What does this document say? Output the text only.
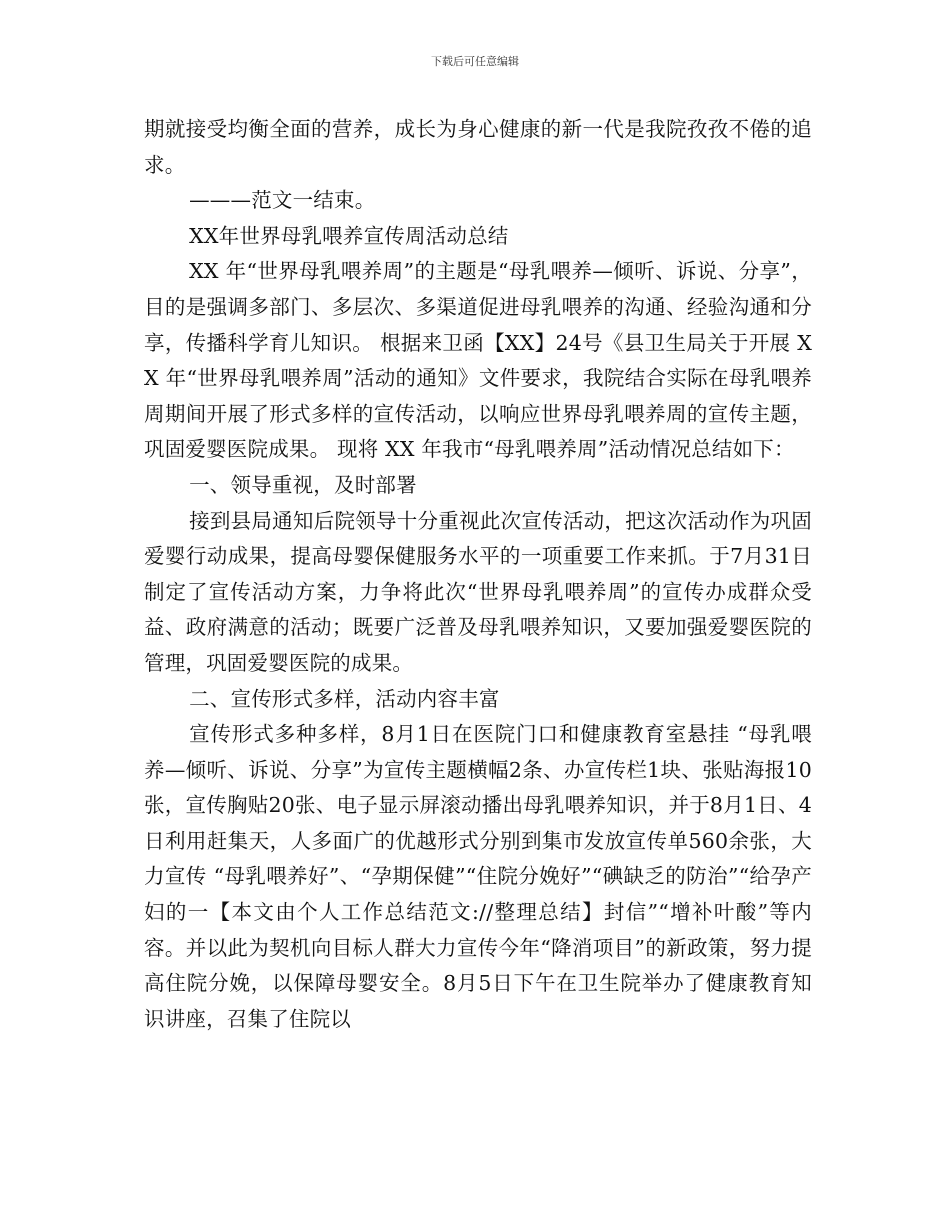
下载后可任意编辑

期就接受均衡全面的营养，成长为身心健康的新一代是我院孜孜不倦的追求。

———范文一结束。

XX年世界母乳喂养宣传周活动总结

XX 年“世界母乳喂养周”的主题是“母乳喂养—倾听、诉说、分享”，目的是强调多部门、多层次、多渠道促进母乳喂养的沟通、经验沟通和分享，传播科学育儿知识。 根据来卫函【XX】24号《县卫生局关于开展 XX 年“世界母乳喂养周”活动的通知》文件要求，我院结合实际在母乳喂养周期间开展了形式多样的宣传活动，以响应世界母乳喂养周的宣传主题，巩固爱婴医院成果。 现将 XX 年我市“母乳喂养周”活动情况总结如下：

一、领导重视，及时部署

接到县局通知后院领导十分重视此次宣传活动，把这次活动作为巩固爱婴行动成果，提高母婴保健服务水平的一项重要工作来抓。于7月31日制定了宣传活动方案，力争将此次“世界母乳喂养周”的宣传办成群众受益、政府满意的活动；既要广泛普及母乳喂养知识，又要加强爱婴医院的管理，巩固爱婴医院的成果。

二、宣传形式多样，活动内容丰富

宣传形式多种多样，8月1日在医院门口和健康教育室悬挂 “母乳喂养—倾听、诉说、分享”为宣传主题横幅2条、办宣传栏1块、张贴海报10张，宣传胸贴20张、电子显示屏滚动播出母乳喂养知识，并于8月1日、4日利用赶集天，人多面广的优越形式分别到集市发放宣传单560余张，大力宣传 “母乳喂养好”、“孕期保健”“住院分娩好”“碘缺乏的防治”“给孕产妇的一【本文由个人工作总结范文://整理总结】封信”“增补叶酸”等内容。并以此为契机向目标人群大力宣传今年“降消项目”的新政策，努力提高住院分娩，以保障母婴安全。8月5日下午在卫生院举办了健康教育知识讲座，召集了住院以
